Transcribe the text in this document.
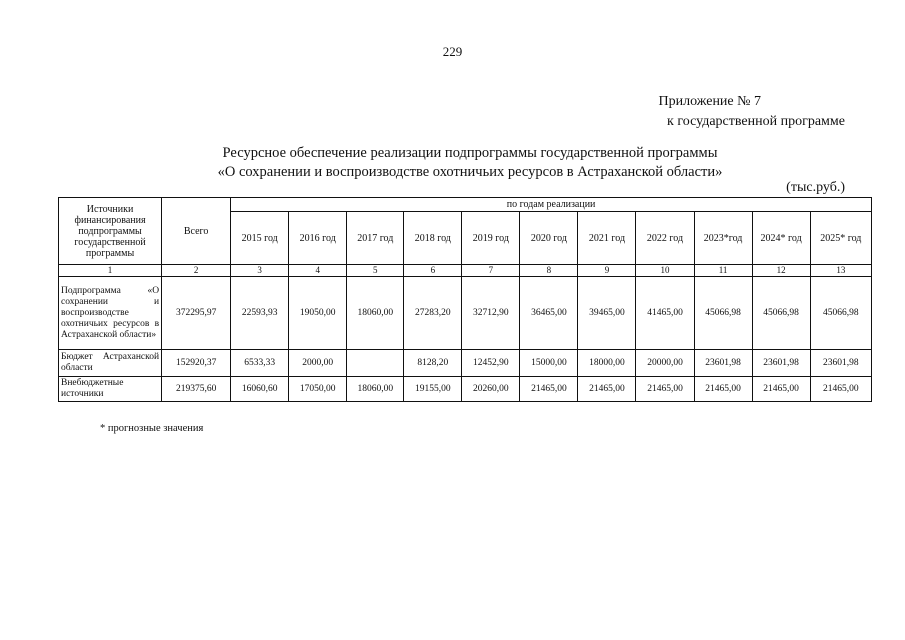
229
Приложение № 7
к государственной программе
Ресурсное обеспечение реализации подпрограммы государственной программы
«О сохранении и воспроизводстве охотничьих ресурсов в Астраханской области»
(тыс.руб.)
Источники финансирования подпрограммы государственной программы	Всего	по годам реализации										
		2015 год	2016 год	2017 год	2018 год	2019 год	2020 год	2021 год	2022 год	2023*год	2024* год	2025* год
1	2	3	4	5	6	7	8	9	10	11	12	13
Подпрограмма «О сохранении и воспроизводстве охотничьих ресурсов в Астраханской области»	372295,97	22593,93	19050,00	18060,00	27283,20	32712,90	36465,00	39465,00	41465,00	45066,98	45066,98	45066,98
Бюджет Астраханской области	152920,37	6533,33	2000,00		8128,20	12452,90	15000,00	18000,00	20000,00	23601,98	23601,98	23601,98
Внебюджетные источники	219375,60	16060,60	17050,00	18060,00	19155,00	20260,00	21465,00	21465,00	21465,00	21465,00	21465,00	21465,00
* прогнозные значения
